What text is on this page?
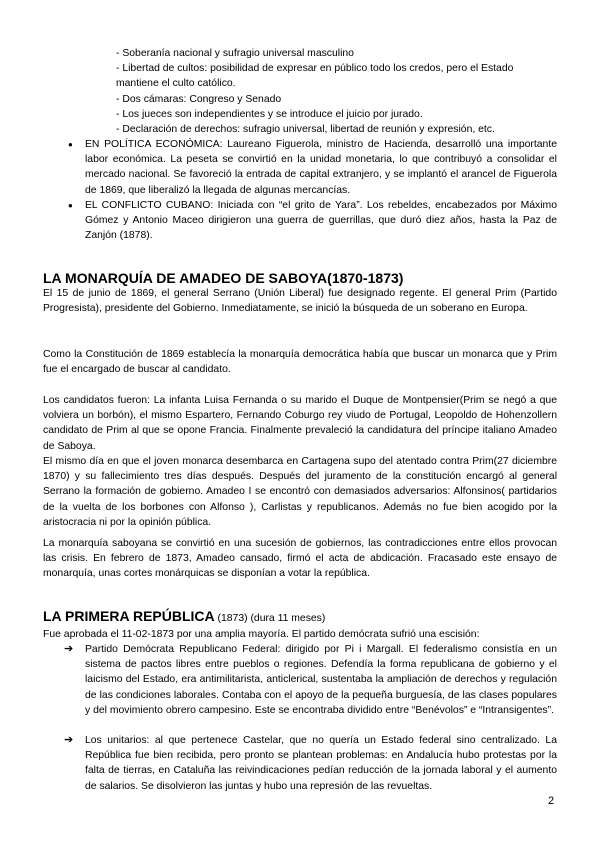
- Soberanía nacional y sufragio universal masculino
- Libertad de cultos: posibilidad de expresar en público todo los credos, pero el Estado mantiene el culto católico.
- Dos cámaras: Congreso y Senado
- Los jueces son independientes y se introduce el juicio por jurado.
- Declaración de derechos: sufragio universal, libertad de reunión y expresión, etc.
● EN POLÍTICA ECONÓMICA: Laureano Figuerola, ministro de Hacienda, desarrolló una importante labor económica. La peseta se convirtió en la unidad monetaria, lo que contribuyó a consolidar el mercado nacional. Se favoreció la entrada de capital extranjero, y se implantó el arancel de Figuerola de 1869, que liberalizó la llegada de algunas mercancías.

● EL CONFLICTO CUBANO: Iniciada con “el grito de Yara”. Los rebeldes, encabezados por Máximo Gómez y Antonio Maceo dirigieron una guerra de guerrillas, que duró diez años, hasta la Paz de Zanjón (1878).

LA MONARQUÍA DE AMADEO DE SABOYA(1870-1873)
El 15 de junio de 1869, el general Serrano (Unión Liberal) fue designado regente. El general Prim (Partido Progresista), presidente del Gobierno. Inmediatamente, se inició la búsqueda de un soberano en Europa.
Como la Constitución de 1869 establecía la monarquía democrática había que buscar un monarca que y Prim fue el encargado de buscar al candidato.
Los candidatos fueron: La infanta Luisa Fernanda o su marido el Duque de Montpensier(Prim se negó a que volviera un borbón), el mismo Espartero, Fernando Coburgo rey viudo de Portugal, Leopoldo de Hohenzollern candidato de Prim al que se opone Francia. Finalmente prevaleció la candidatura del príncipe italiano Amadeo de Saboya.
El mismo día en que el joven monarca desembarca en Cartagena supo del atentado contra Prim(27 diciembre 1870) y su fallecimiento tres días después. Después del juramento de la constitución encargó al general Serrano la formación de gobierno. Amadeo I se encontró con demasiados adversarios: Alfonsinos( partidarios de la vuelta de los borbones con Alfonso ), Carlistas y republicanos. Además no fue bien acogido por la aristocracia ni por la opinión pública.
La monarquía saboyana se convirtió en una sucesión de gobiernos, las contradicciones entre ellos provocan las crisis. En febrero de 1873, Amadeo cansado, firmó el acta de abdicación. Fracasado este ensayo de monarquía, unas cortes monárquicas se disponían a votar la república.
LA PRIMERA REPÚBLICA (1873) (dura 11 meses)
Fue aprobada el 11-02-1873 por una amplia mayoría. El partido demócrata sufrió una escisión:
➔ Partido Demócrata Republicano Federal: dirigido por Pi i Margall. El federalismo consistía en un sistema de pactos libres entre pueblos o regiones. Defendía la forma republicana de gobierno y el laicismo del Estado, era antimilitarista, anticlerical, sustentaba la ampliación de derechos y regulación de las condiciones laborales. Contaba con el apoyo de la pequeña burguesía, de las clases populares y del movimiento obrero campesino. Este se encontraba dividido entre “Benévolos” e “Intransigentes”.

➔ Los unitarios: al que pertenece Castelar, que no quería un Estado federal sino centralizado. La República fue bien recibida, pero pronto se plantean problemas: en Andalucía hubo protestas por la falta de tierras, en Cataluña las reivindicaciones pedían reducción de la jornada laboral y el aumento de salarios. Se disolvieron las juntas y hubo una represión de las revueltas.

2
